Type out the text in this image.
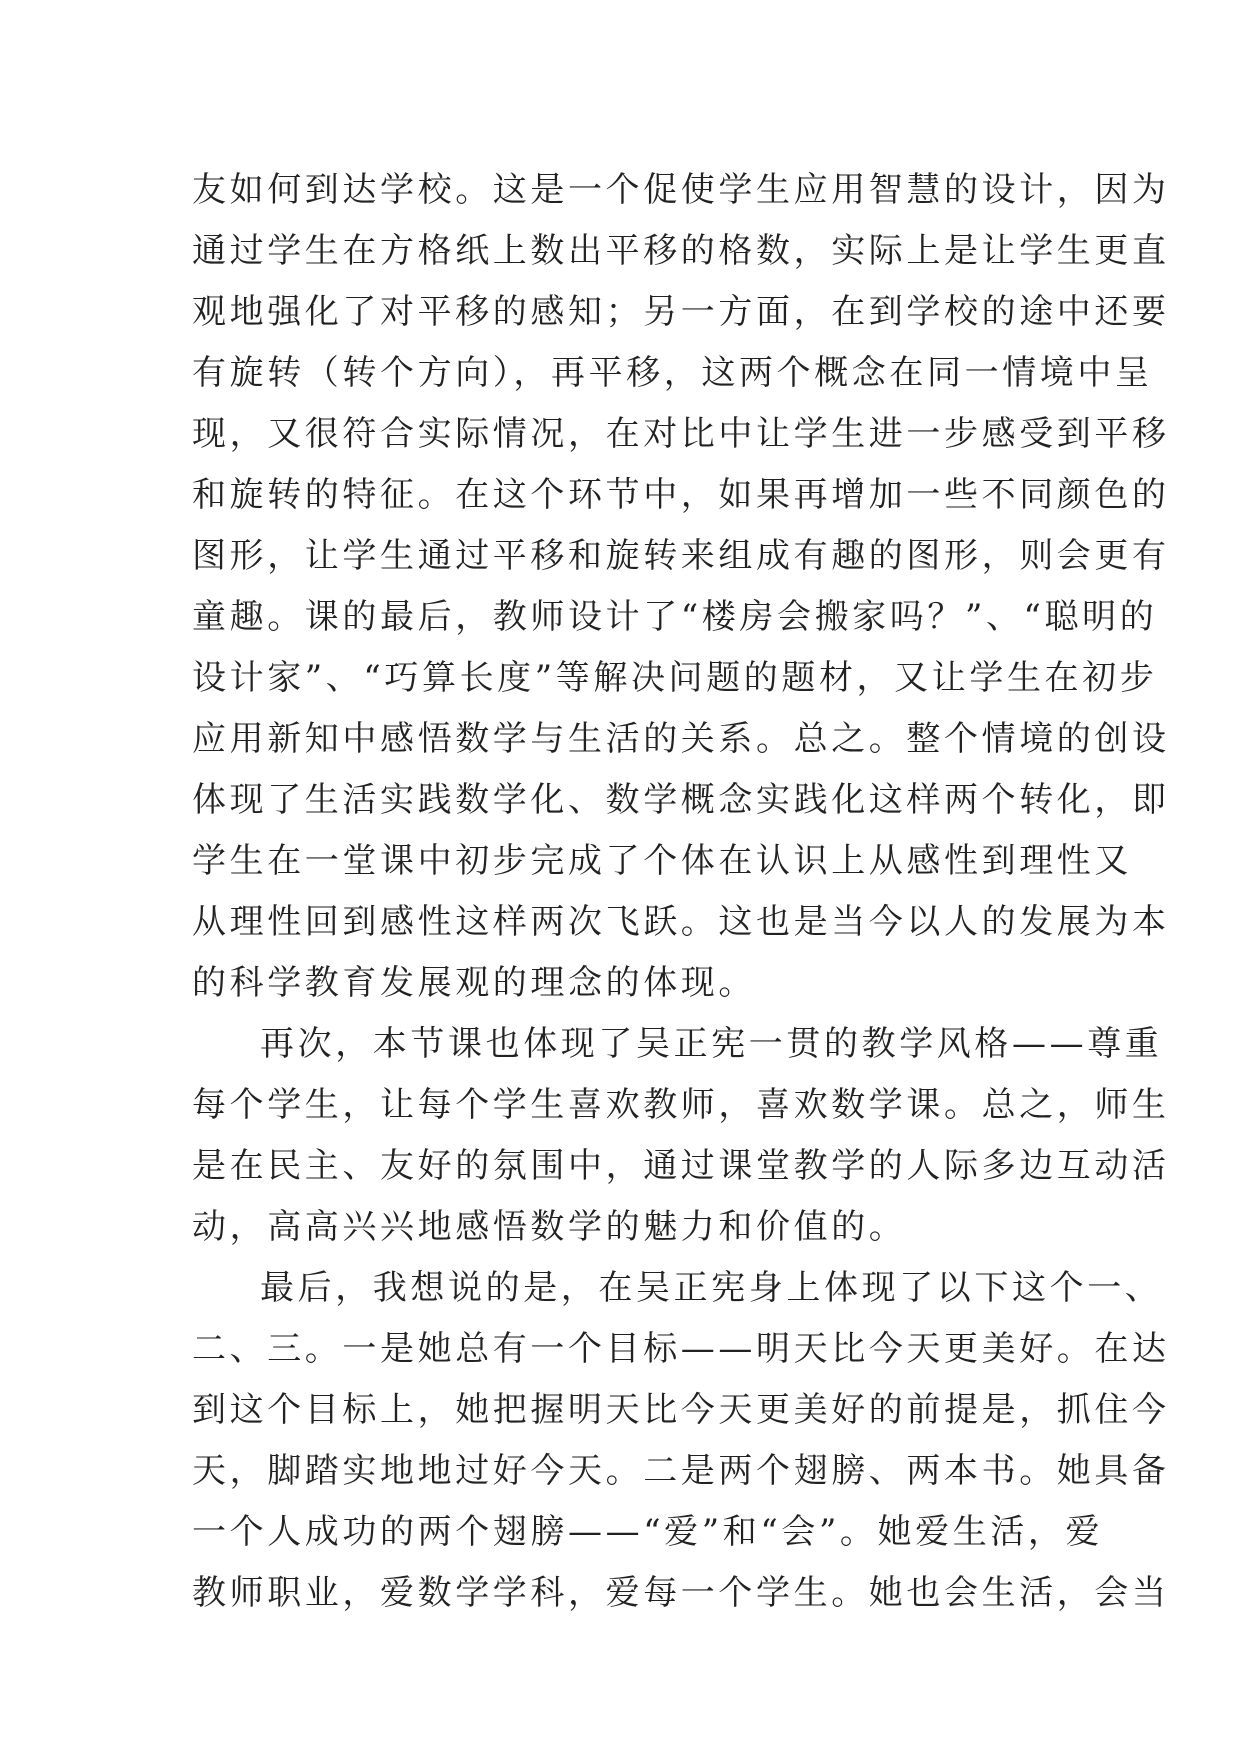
友如何到达学校。这是一个促使学生应用智慧的设计，因为
通过学生在方格纸上数出平移的格数，实际上是让学生更直
观地强化了对平移的感知；另一方面，在到学校的途中还要
有旋转（转个方向），再平移，这两个概念在同一情境中呈
现，又很符合实际情况，在对比中让学生进一步感受到平移
和旋转的特征。在这个环节中，如果再增加一些不同颜色的
图形，让学生通过平移和旋转来组成有趣的图形，则会更有
童趣。课的最后，教师设计了“楼房会搬家吗？”、“聪明的
设计家”、“巧算长度”等解决问题的题材，又让学生在初步
应用新知中感悟数学与生活的关系。总之。整个情境的创设
体现了生活实践数学化、数学概念实践化这样两个转化，即
学生在一堂课中初步完成了个体在认识上从感性到理性又
从理性回到感性这样两次飞跃。这也是当今以人的发展为本
的科学教育发展观的理念的体现。
再次，本节课也体现了吴正宪一贯的教学风格——尊重
每个学生，让每个学生喜欢教师，喜欢数学课。总之，师生
是在民主、友好的氛围中，通过课堂教学的人际多边互动活
动，高高兴兴地感悟数学的魅力和价值的。
最后，我想说的是，在吴正宪身上体现了以下这个一、
二、三。一是她总有一个目标——明天比今天更美好。在达
到这个目标上，她把握明天比今天更美好的前提是，抓住今
天，脚踏实地地过好今天。二是两个翅膀、两本书。她具备
一个人成功的两个翅膀——“爱”和“会”。她爱生活，爱
教师职业，爱数学学科，爱每一个学生。她也会生活，会当
